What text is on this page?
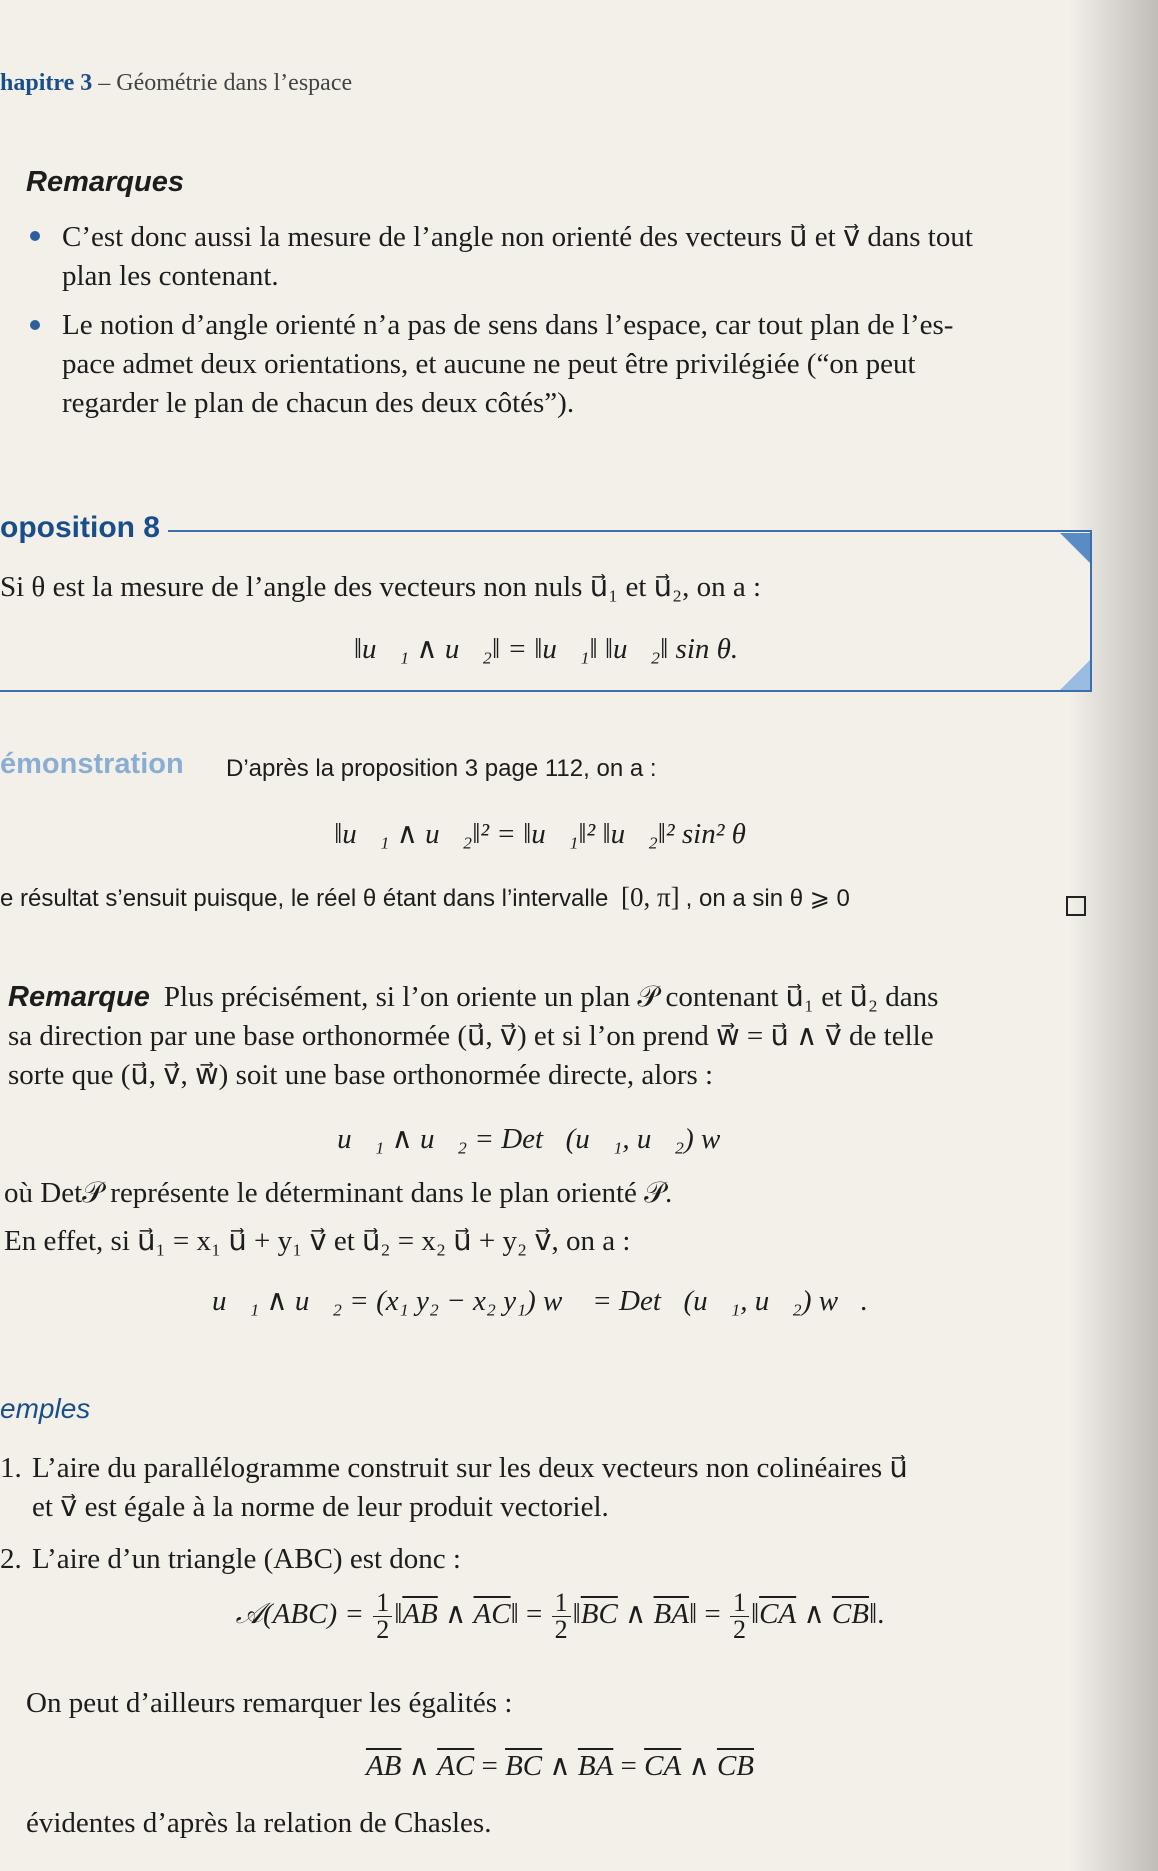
hapitre 3 – Géométrie dans l’espace
Remarques
C’est donc aussi la mesure de l’angle non orienté des vecteurs u⃗ et v⃗ dans tout
plan les contenant.
Le notion d’angle orienté n’a pas de sens dans l’espace, car tout plan de l’es-
pace admet deux orientations, et aucune ne peut être privilégiée (“on peut
regarder le plan de chacun des deux côtés”).
oposition 8
Si θ est la mesure de l’angle des vecteurs non nuls u⃗₁ et u⃗₂, on a :
‖u⃗₁ ∧ u⃗₂‖ = ‖u⃗₁‖ ‖u⃗₂‖ sin θ.
émonstration D’après la proposition 3 page 112, on a :
‖u⃗₁ ∧ u⃗₂‖² = ‖u⃗₁‖² ‖u⃗₂‖² sin² θ
e résultat s’ensuit puisque, le réel θ étant dans l’intervalle [0, π] , on a sin θ ⩾ 0
Remarque Plus précisément, si l’on oriente un plan 𝒫 contenant u⃗₁ et u⃗₂ dans
sa direction par une base orthonormée (u⃗, v⃗) et si l’on prend w⃗ = u⃗ ∧ v⃗ de telle
sorte que (u⃗, v⃗, w⃗) soit une base orthonormée directe, alors :
u⃗₁ ∧ u⃗₂ = Det𝒫(u⃗₁, u⃗₂) w⃗
où Det𝒫 représente le déterminant dans le plan orienté 𝒫.
En effet, si u⃗₁ = x₁ u⃗ + y₁ v⃗ et u⃗₂ = x₂ u⃗ + y₂ v⃗, on a :
u⃗₁ ∧ u⃗₂ = (x₁ y₂ − x₂ y₁) w⃗ = Det𝒫(u⃗₁, u⃗₂) w⃗.
emples
1. L’aire du parallélogramme construit sur les deux vecteurs non colinéaires u⃗
et v⃗ est égale à la norme de leur produit vectoriel.
2. L’aire d’un triangle (ABC) est donc :
𝒜(ABC) = $\frac{1}{2}$ $‖\overline{AB}$ ∧ $\overline{AC}‖ = \frac{1}{2}$ $‖\overline{BC}$ ∧ $\overline{BA}‖ = \frac{1}{2}$ $‖\overline{CA}$ ∧ $\overline{CB}‖$.
On peut d’ailleurs remarquer les égalités :
$\overline{AB}$ ∧ $\overline{AC} = \overline{BC}$ ∧ $\overline{BA} = \overline{CA}$ ∧ $\overline{CB}$
évidentes d’après la relation de Chasles.
